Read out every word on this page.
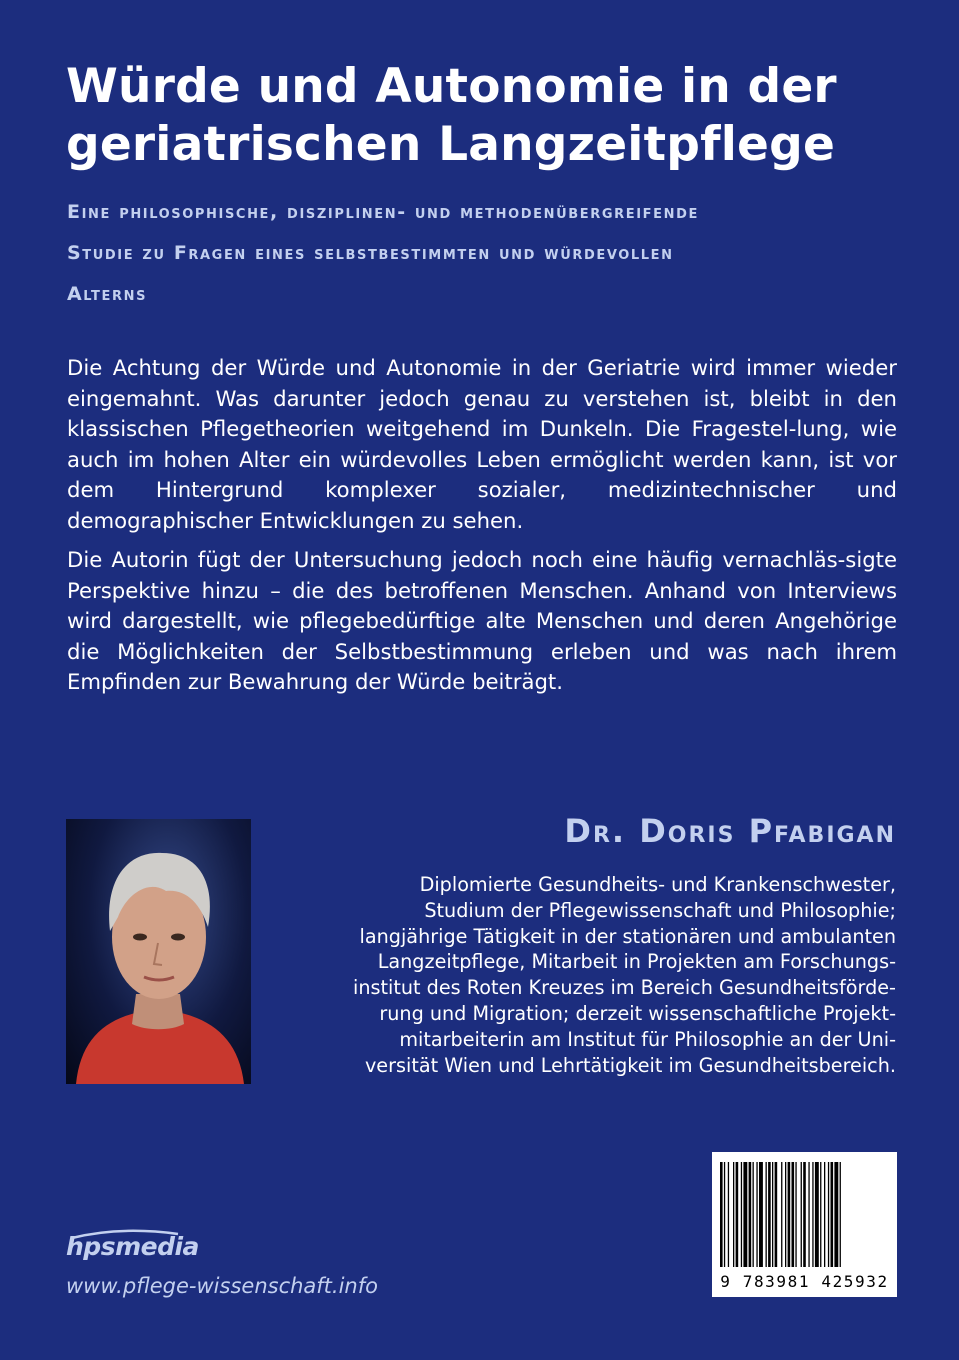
Würde und Autonomie in der
geriatrischen Langzeitpflege

Eine philosophische, disziplinen- und methodenübergreifende
Studie zu Fragen eines selbstbestimmten und würdevollen
Alterns

Die Achtung der Würde und Autonomie in der Geriatrie wird immer wieder eingemahnt. Was darunter jedoch genau zu verstehen ist, bleibt in den klassischen Pflegetheorien weitgehend im Dunkeln. Die Fragestel-lung, wie auch im hohen Alter ein würdevolles Leben ermöglicht werden kann, ist vor dem Hintergrund komplexer sozialer, medizintechnischer und demographischer Entwicklungen zu sehen.

Die Autorin fügt der Untersuchung jedoch noch eine häufig vernachläs-sigte Perspektive hinzu – die des betroffenen Menschen. Anhand von Interviews wird dargestellt, wie pflegebedürftige alte Menschen und deren Angehörige die Möglichkeiten der Selbstbestimmung erleben und was nach ihrem Empfinden zur Bewahrung der Würde beiträgt.

Dr. Doris Pfabigan

Diplomierte Gesundheits- und Krankenschwester,
Studium der Pflegewissenschaft und Philosophie;
langjährige Tätigkeit in der stationären und ambulanten
Langzeitpflege, Mitarbeit in Projekten am Forschungs-
institut des Roten Kreuzes im Bereich Gesundheitsförde-
rung und Migration; derzeit wissenschaftliche Projekt-
mitarbeiterin am Institut für Philosophie an der Uni-
versität Wien und Lehrtätigkeit im Gesundheitsbereich.

9 783981 425932
hpsmedia
www.pflege-wissenschaft.info
